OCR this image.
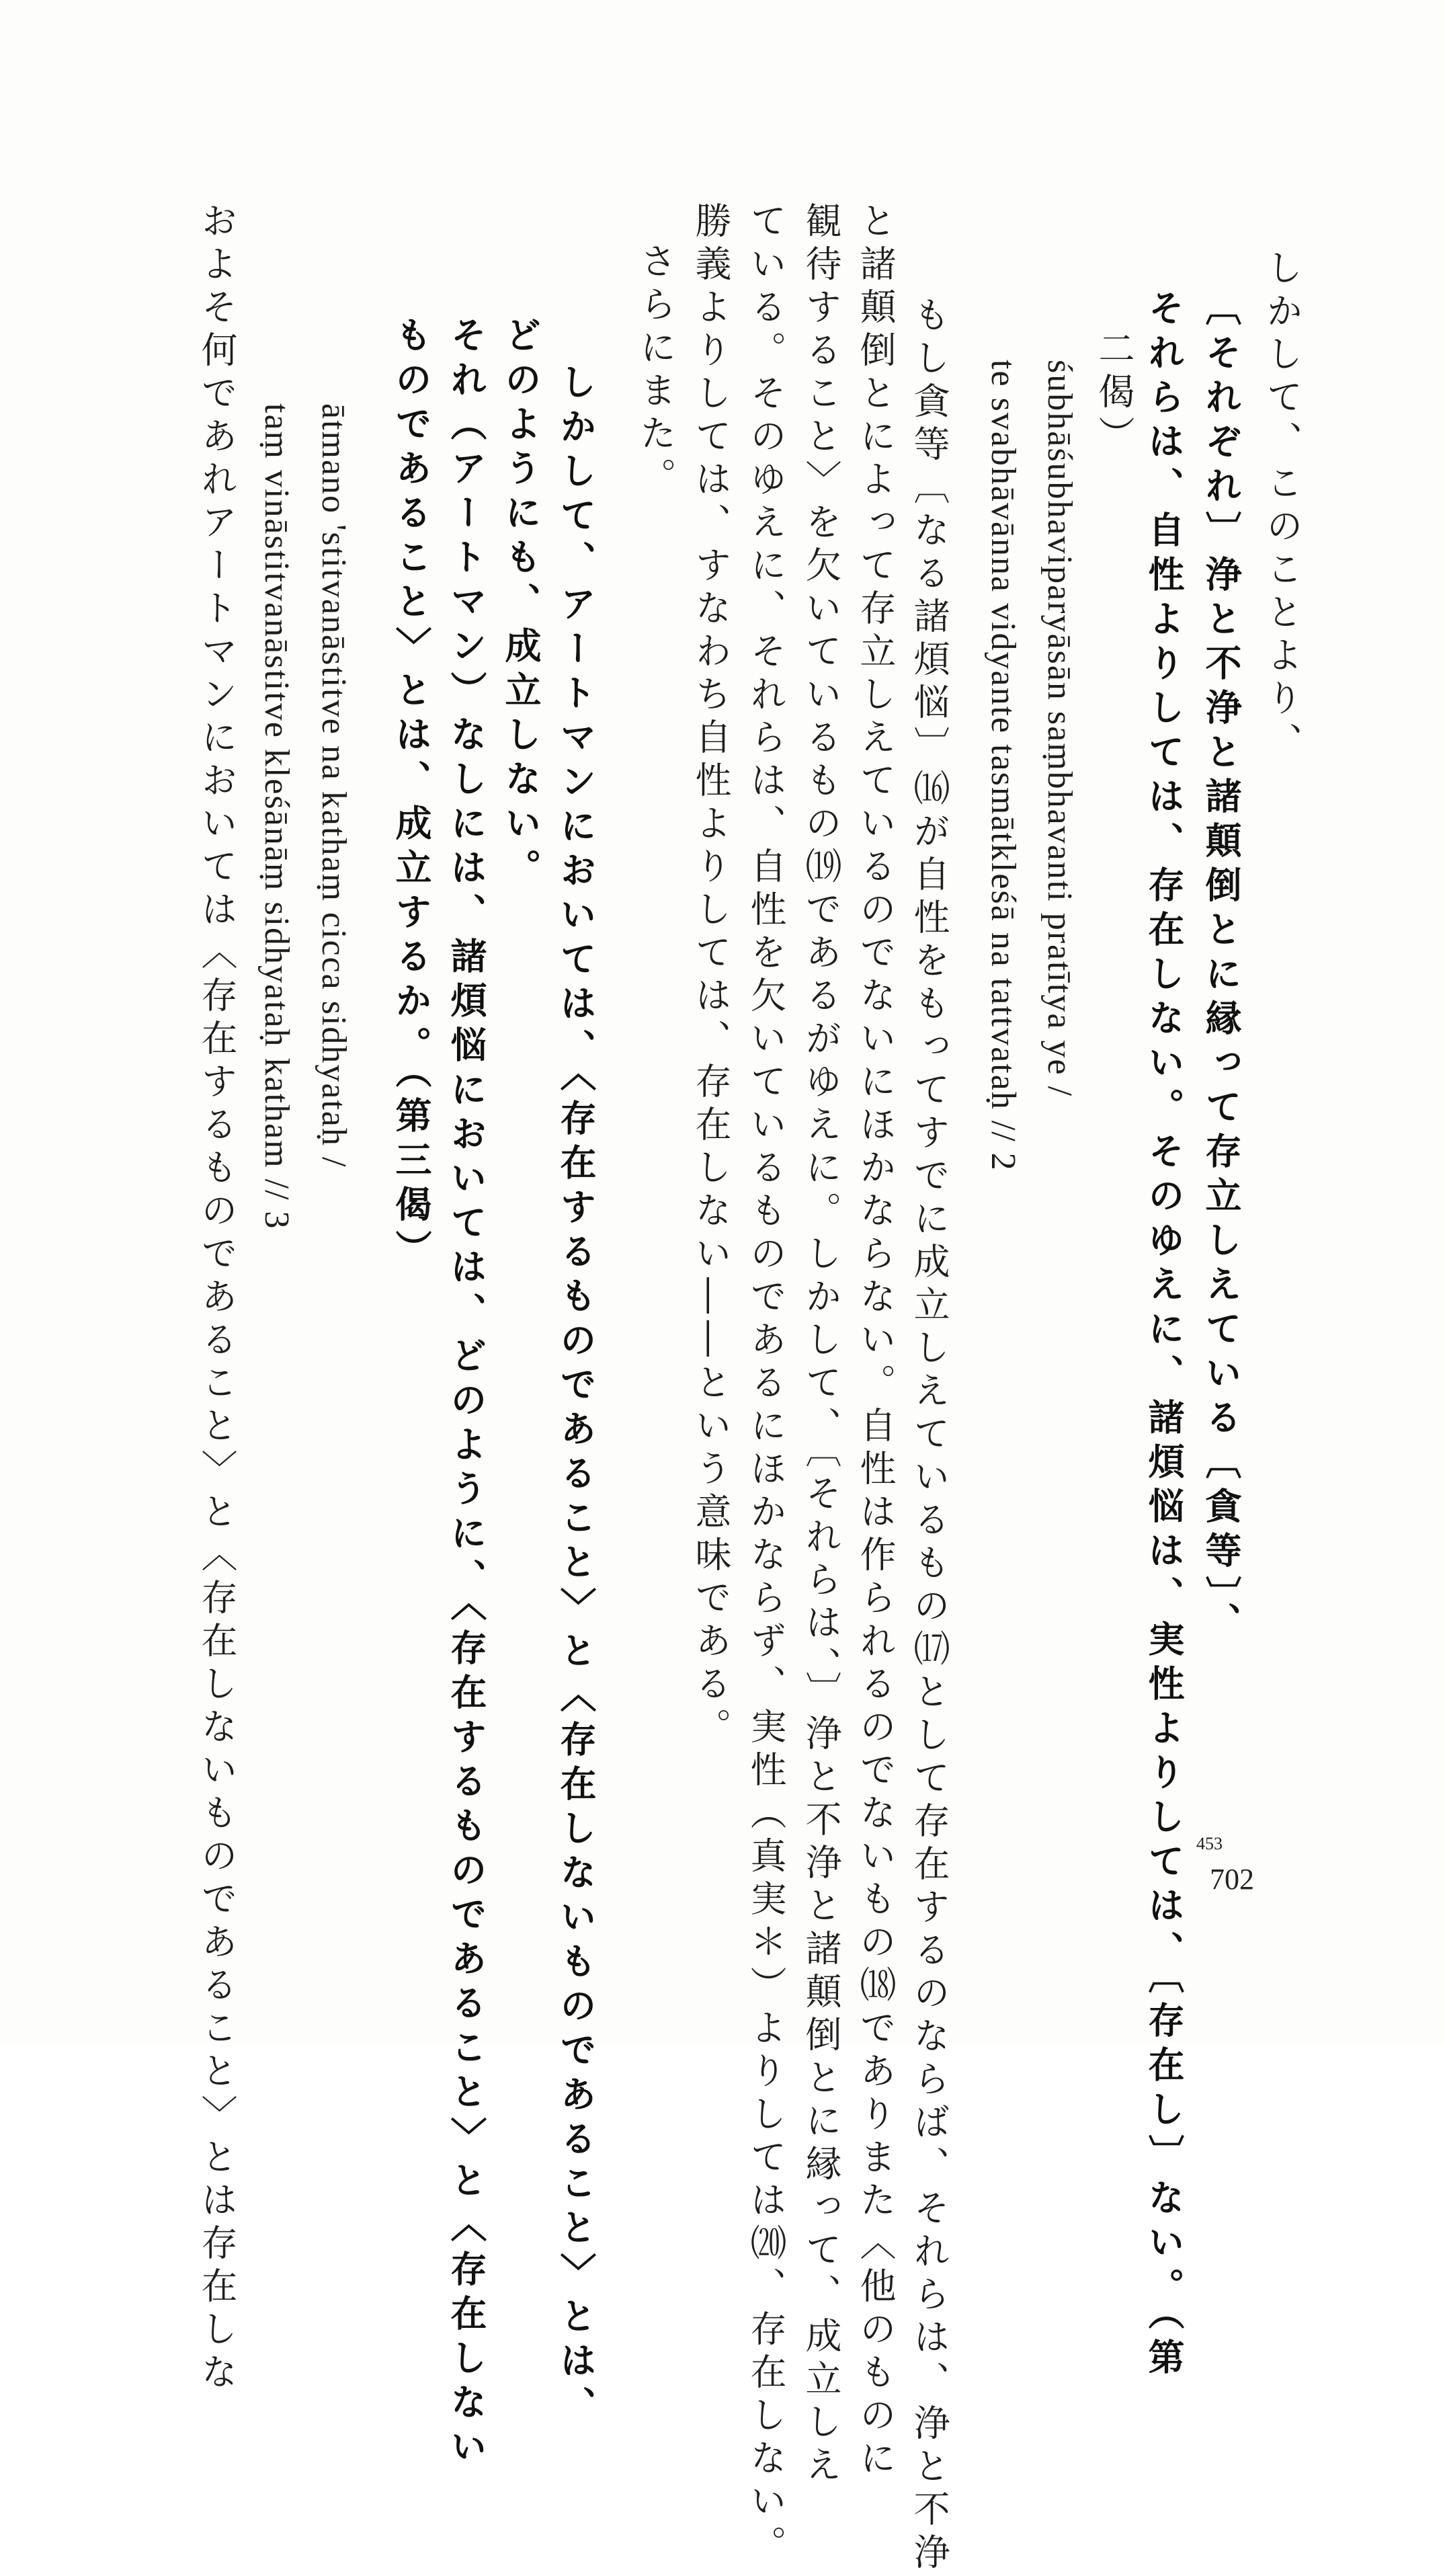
しかして、このことより、
〔それぞれ〕浄と不浄と諸顛倒とに縁って存立しえている〔貪等〕、
それらは、自性よりしては、存在しない。そのゆえに、諸煩悩は、実性よりしては、〔存在し〕ない。（第
二偈）
śubhāśubhaviparyāsān saṃbhavanti pratītya ye /
te svabhāvānna vidyante tasmātkleśā na tattvataḥ // 2
もし貪等〔なる諸煩悩〕⒃が自性をもってすでに成立しえているもの⒄として存在するのならば、それらは、浄と不浄
と諸顛倒とによって存立しえているのでないにほかならない。自性は作られるのでないもの⒅でありまた〈他のものに
観待すること〉を欠いているもの⒆であるがゆえに。しかして、〔それらは、〕浄と不浄と諸顛倒とに縁って、成立しえ
ている。そのゆえに、それらは、自性を欠いているものであるにほかならず、実性（真実＊）よりしては⒇、存在しない。
勝義よりしては、すなわち自性よりしては、存在しない――という意味である。
さらにまた。
しかして、アートマンにおいては、〈存在するものであること〉と〈存在しないものであること〉とは、
どのようにも、成立しない。
それ（アートマン）なしには、諸煩悩においては、どのように、〈存在するものであること〉と〈存在しない
ものであること〉とは、成立するか。（第三偈）
ātmano 'stitvanāstitve na kathaṃ cicca sidhyataḥ /
taṃ vināstitvanāstitve kleśānāṃ sidhyataḥ katham // 3
およそ何であれアートマンにおいては〈存在するものであること〉と〈存在しないものであること〉とは存在しな	453
702
